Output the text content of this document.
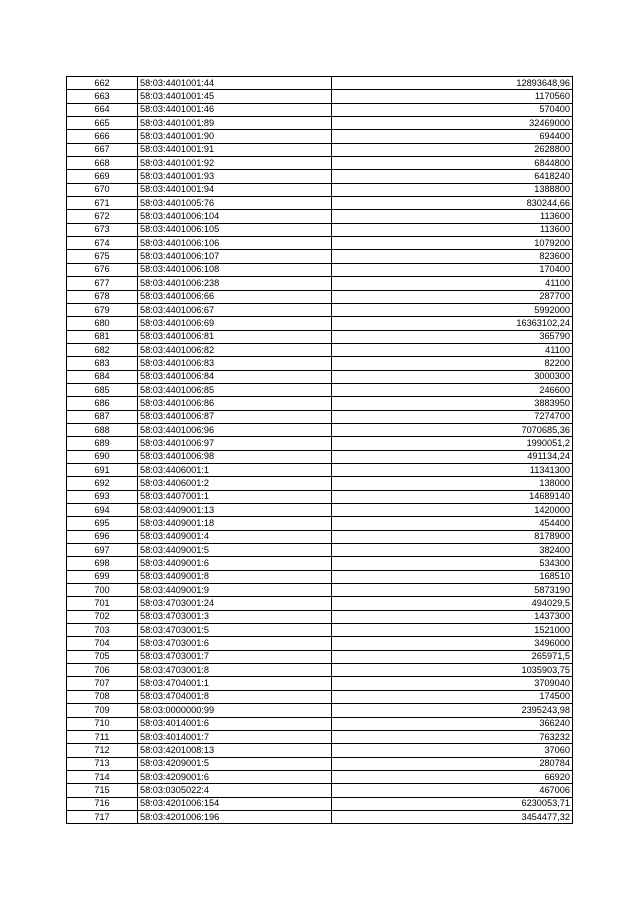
662	58:03:4401001:44	12893648,96
663	58:03:4401001:45	1170560
664	58:03:4401001:46	570400
665	58:03:4401001:89	32469000
666	58:03:4401001:90	694400
667	58:03:4401001:91	2628800
668	58:03:4401001:92	6844800
669	58:03:4401001:93	6418240
670	58:03:4401001:94	1388800
671	58:03:4401005:76	830244,66
672	58:03:4401006:104	113600
673	58:03:4401006:105	113600
674	58:03:4401006:106	1079200
675	58:03:4401006:107	823600
676	58:03:4401006:108	170400
677	58:03:4401006:238	41100
678	58:03:4401006:66	287700
679	58:03:4401006:67	5992000
680	58:03:4401006:69	16363102,24
681	58:03:4401006:81	365790
682	58:03:4401006:82	41100
683	58:03:4401006:83	82200
684	58:03:4401006:84	3000300
685	58:03:4401006:85	246600
686	58:03:4401006:86	3883950
687	58:03:4401006:87	7274700
688	58:03:4401006:96	7070685,36
689	58:03:4401006:97	1990051,2
690	58:03:4401006:98	491134,24
691	58:03:4406001:1	11341300
692	58:03:4406001:2	138000
693	58:03:4407001:1	14689140
694	58:03:4409001:13	1420000
695	58:03:4409001:18	454400
696	58:03:4409001:4	8178900
697	58:03:4409001:5	382400
698	58:03:4409001:6	534300
699	58:03:4409001:8	168510
700	58:03:4409001:9	5873190
701	58:03:4703001:24	494029,5
702	58:03:4703001:3	1437300
703	58:03:4703001:5	1521000
704	58:03:4703001:6	3496000
705	58:03:4703001:7	265971,5
706	58:03:4703001:8	1035903,75
707	58:03:4704001:1	3709040
708	58:03:4704001:8	174500
709	58:03:0000000:99	2395243,98
710	58:03:4014001:6	366240
711	58:03:4014001:7	763232
712	58:03:4201008:13	37060
713	58:03:4209001:5	280784
714	58:03:4209001:6	66920
715	58:03:0305022:4	467006
716	58:03:4201006:154	6230053,71
717	58:03:4201006:196	3454477,32
